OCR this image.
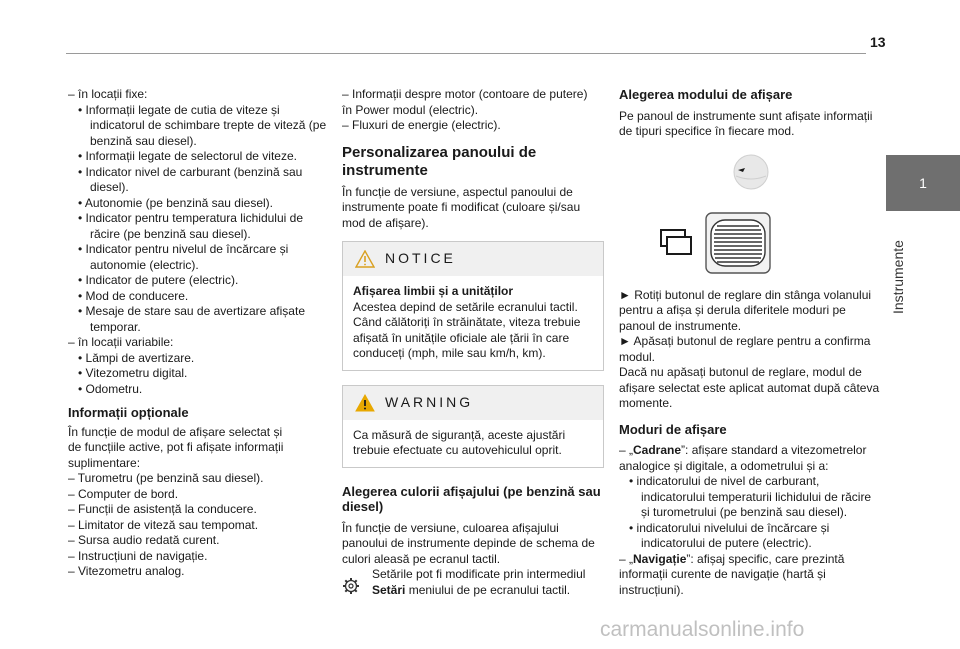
13
1
Instrumente
– în locații fixe:
• Informații legate de cutia de viteze și
indicatorul de schimbare trepte de viteză (pe
benzină sau diesel).
• Informații legate de selectorul de viteze.
• Indicator nivel de carburant (benzină sau
diesel).
• Autonomie (pe benzină sau diesel).
• Indicator pentru temperatura lichidului de
răcire (pe benzină sau diesel).
• Indicator pentru nivelul de încărcare și
autonomie (electric).
• Indicator de putere (electric).
• Mod de conducere.
• Mesaje de stare sau de avertizare afișate
temporar.
– în locații variabile:
• Lămpi de avertizare.
• Vitezometru digital.
• Odometru.
Informații opționale
În funcție de modul de afișare selectat și
de funcțiile active, pot fi afișate informații
suplimentare:
– Turometru (pe benzină sau diesel).
– Computer de bord.
– Funcții de asistență la conducere.
– Limitator de viteză sau tempomat.
– Sursa audio redată curent.
– Instrucțiuni de navigație.
– Vitezometru analog.
– Informații despre motor (contoare de putere)
în Power modul (electric).
– Fluxuri de energie (electric).
Personalizarea panoului de
instrumente
În funcție de versiune, aspectul panoului de
instrumente poate fi modificat (culoare și/sau
mod de afișare).
NOTICE
Afișarea limbii și a unităților
Acestea depind de setările ecranului tactil.
Când călătoriți în străinătate, viteza trebuie
afișată în unitățile oficiale ale țării în care
conduceți (mph, mile sau km/h, km).
WARNING
Ca măsură de siguranță, aceste ajustări
trebuie efectuate cu autovehiculul oprit.
Alegerea culorii afișajului (pe benzină sau
diesel)
În funcție de versiune, culoarea afișajului
panoului de instrumente depinde de schema de
culori aleasă pe ecranul tactil.
Setările pot fi modificate prin intermediul
Setări meniului de pe ecranului tactil.
Alegerea modului de afișare
Pe panoul de instrumente sunt afișate informații
de tipuri specifice în fiecare mod.
► Rotiți butonul de reglare din stânga volanului
pentru a afișa și derula diferitele moduri pe
panoul de instrumente.
► Apăsați butonul de reglare pentru a confirma
modul.
Dacă nu apăsați butonul de reglare, modul de
afișare selectat este aplicat automat după câteva
momente.
Moduri de afișare
– „Cadrane”: afișare standard a vitezometrelor
analogice și digitale, a odometrului și a:
• indicatorului de nivel de carburant,
indicatorului temperaturii lichidului de răcire
și turometrului (pe benzină sau diesel).
• indicatorului nivelului de încărcare și
indicatorului de putere (electric).
– „Navigație”: afișaj specific, care prezintă
informații curente de navigație (hartă și
instrucțiuni).
carmanualsonline.info
